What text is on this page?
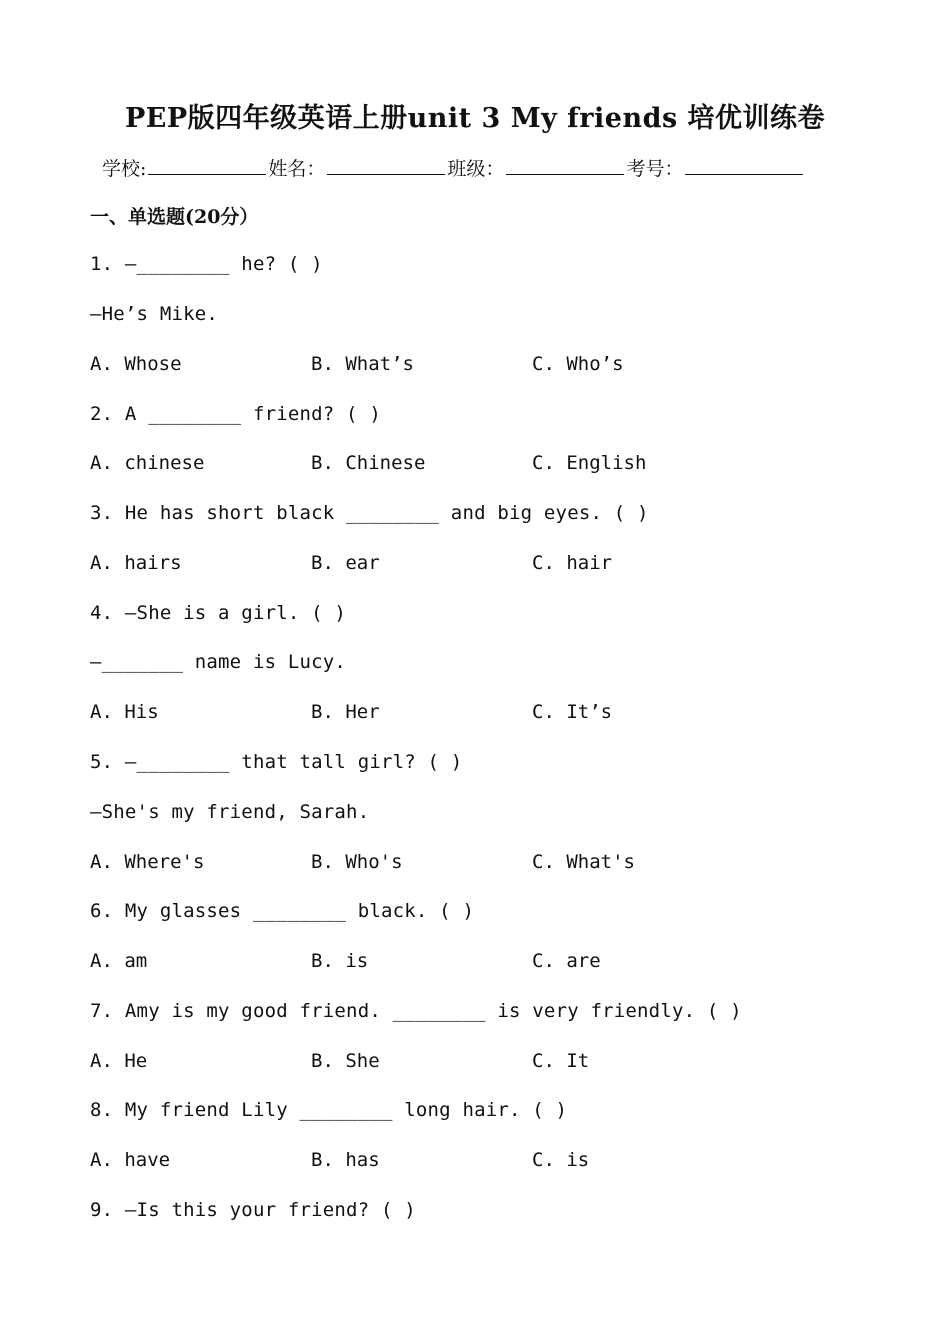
PEP版四年级英语上册unit 3 My friends 培优训练卷
学校:	姓名：	班级：	考号：
一、单选题(20分）
1. —________ he? ( )
—He’s Mike.
A. Whose	B. What’s	C. Who’s
2. A ________ friend? ( )
A. chinese	B. Chinese	C. English
3. He has short black ________ and big eyes. ( )
A. hairs	B. ear	C. hair
4. —She is a girl. ( )
—_______ name is Lucy.
A. His	B. Her	C. It’s
5. —________ that tall girl? ( )
—She's my friend, Sarah.
A. Where's	B. Who's	C. What's
6. My glasses ________ black. ( )
A. am	B. is	C. are
7. Amy is my good friend. ________ is very friendly. ( )
A. He	B. She	C. It
8. My friend Lily ________ long hair. ( )
A. have	B. has	C. is
9. —Is this your friend? ( )
